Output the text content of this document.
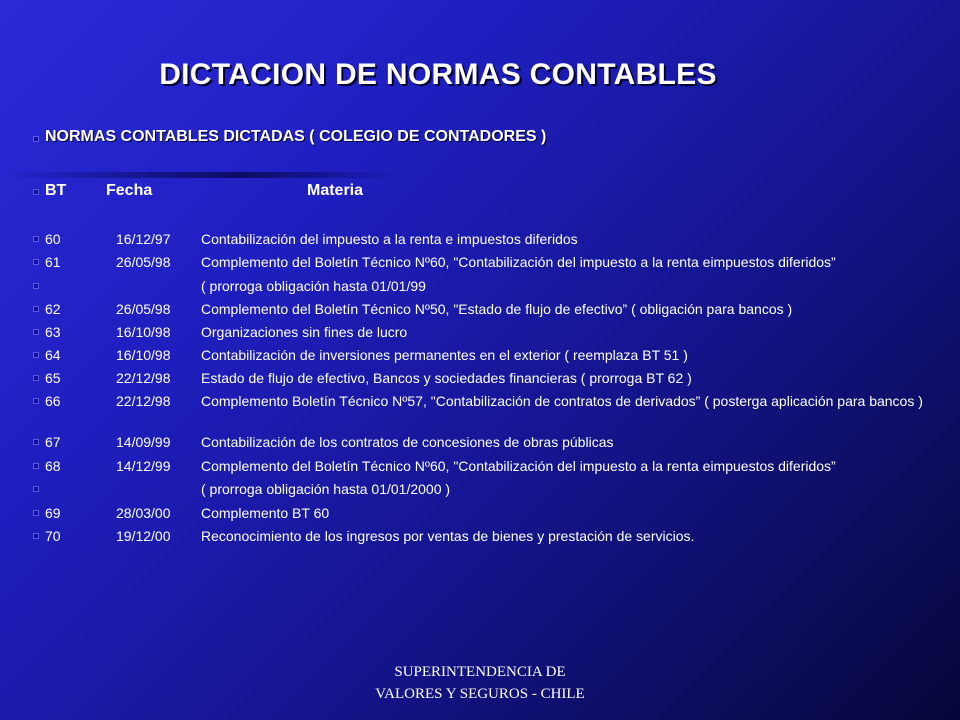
DICTACION DE NORMAS CONTABLES
NORMAS CONTABLES DICTADAS ( COLEGIO DE CONTADORES )
BT Fecha	Materia
60	16/12/97 Contabilización del impuesto a la renta e impuestos diferidos
61	26/05/98 Complemento del Boletín Técnico Nº60, "Contabilización del impuesto a la renta eimpuestos diferidos”
( prorroga obligación hasta 01/01/99
62	26/05/98 Complemento del Boletín Técnico Nº50, "Estado de flujo de efectivo” ( obligación para bancos )
63	16/10/98 Organizaciones sin fines de lucro
64	16/10/98 Contabilización de inversiones permanentes en el exterior ( reemplaza BT 51 )
65	22/12/98 Estado de flujo de efectivo, Bancos y sociedades financieras ( prorroga BT 62 )
66	22/12/98 Complemento Boletín Técnico Nº57, "Contabilización de contratos de derivados” ( posterga aplicación para bancos )
67	14/09/99 Contabilización de los contratos de concesiones de obras públicas
68	14/12/99 Complemento del Boletín Técnico Nº60, "Contabilización del impuesto a la renta eimpuestos diferidos”
( prorroga obligación hasta 01/01/2000 )
69	28/03/00 Complemento BT 60
70	19/12/00 Reconocimiento de los ingresos por ventas de bienes y prestación de servicios.
SUPERINTENDENCIA DE
VALORES Y SEGUROS - CHILE
